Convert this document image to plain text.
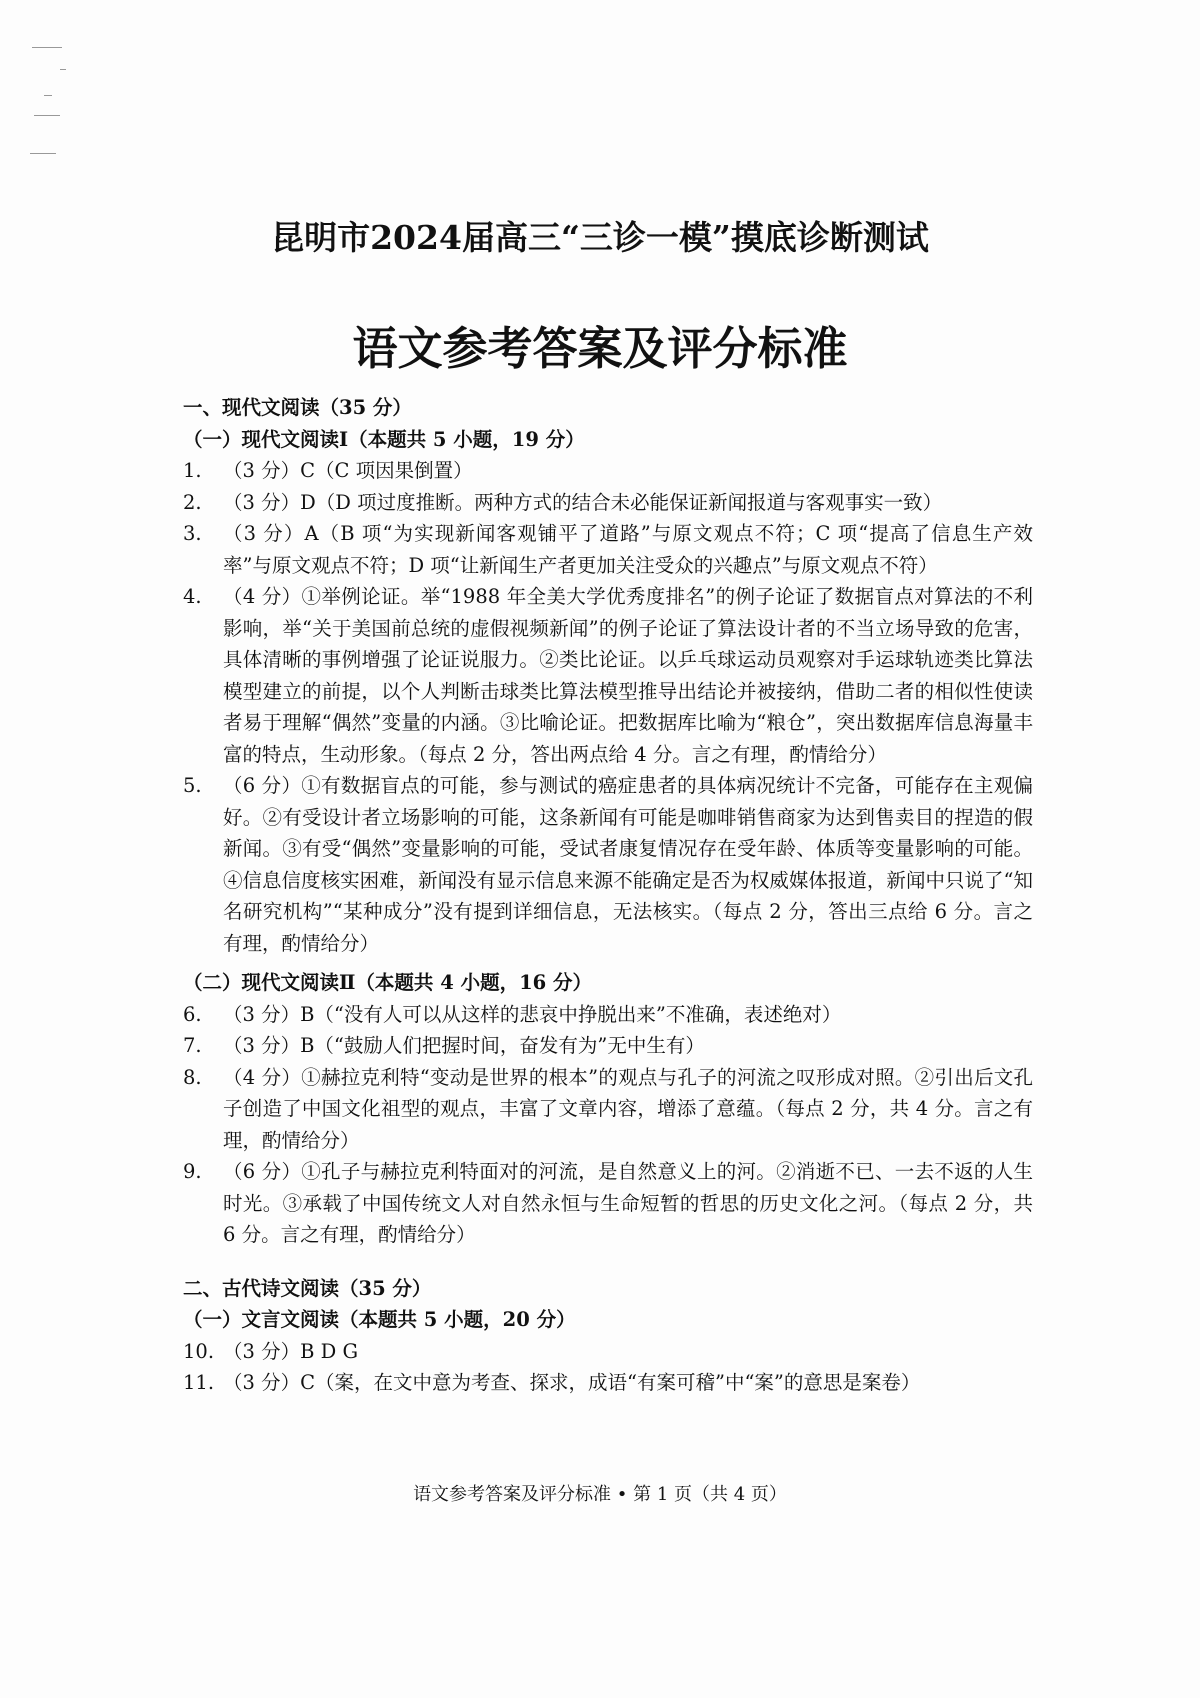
昆明市2024届高三“三诊一模”摸底诊断测试
语文参考答案及评分标准
一、现代文阅读（35 分）
（一）现代文阅读Ⅰ（本题共 5 小题，19 分）
1.	（3 分）C（C 项因果倒置）
2.	（3 分）D（D 项过度推断。两种方式的结合未必能保证新闻报道与客观事实一致）
3.	（3 分）A（B 项“为实现新闻客观铺平了道路”与原文观点不符；C 项“提高了信息生产效率”与原文观点不符；D 项“让新闻生产者更加关注受众的兴趣点”与原文观点不符）
4.	（4 分）①举例论证。举“1988 年全美大学优秀度排名”的例子论证了数据盲点对算法的不利影响，举“关于美国前总统的虚假视频新闻”的例子论证了算法设计者的不当立场导致的危害，具体清晰的事例增强了论证说服力。②类比论证。以乒乓球运动员观察对手运球轨迹类比算法模型建立的前提，以个人判断击球类比算法模型推导出结论并被接纳，借助二者的相似性使读者易于理解“偶然”变量的内涵。③比喻论证。把数据库比喻为“粮仓”，突出数据库信息海量丰富的特点，生动形象。（每点 2 分，答出两点给 4 分。言之有理，酌情给分）
5.	（6 分）①有数据盲点的可能，参与测试的癌症患者的具体病况统计不完备，可能存在主观偏好。②有受设计者立场影响的可能，这条新闻有可能是咖啡销售商家为达到售卖目的捏造的假新闻。③有受“偶然”变量影响的可能，受试者康复情况存在受年龄、体质等变量影响的可能。④信息信度核实困难，新闻没有显示信息来源不能确定是否为权威媒体报道，新闻中只说了“知名研究机构”“某种成分”没有提到详细信息，无法核实。（每点 2 分，答出三点给 6 分。言之有理，酌情给分）
（二）现代文阅读Ⅱ（本题共 4 小题，16 分）
6.	（3 分）B（“没有人可以从这样的悲哀中挣脱出来”不准确，表述绝对）
7.	（3 分）B（“鼓励人们把握时间，奋发有为”无中生有）
8.	（4 分）①赫拉克利特“变动是世界的根本”的观点与孔子的河流之叹形成对照。②引出后文孔子创造了中国文化祖型的观点，丰富了文章内容，增添了意蕴。（每点 2 分，共 4 分。言之有理，酌情给分）
9.	（6 分）①孔子与赫拉克利特面对的河流，是自然意义上的河。②消逝不已、一去不返的人生时光。③承载了中国传统文人对自然永恒与生命短暂的哲思的历史文化之河。（每点 2 分，共 6 分。言之有理，酌情给分）
二、古代诗文阅读（35 分）
（一）文言文阅读（本题共 5 小题，20 分）
10. （3 分）B D G
11. （3 分）C（案，在文中意为考查、探求，成语“有案可稽”中“案”的意思是案卷）
语文参考答案及评分标准 • 第 1 页（共 4 页）
